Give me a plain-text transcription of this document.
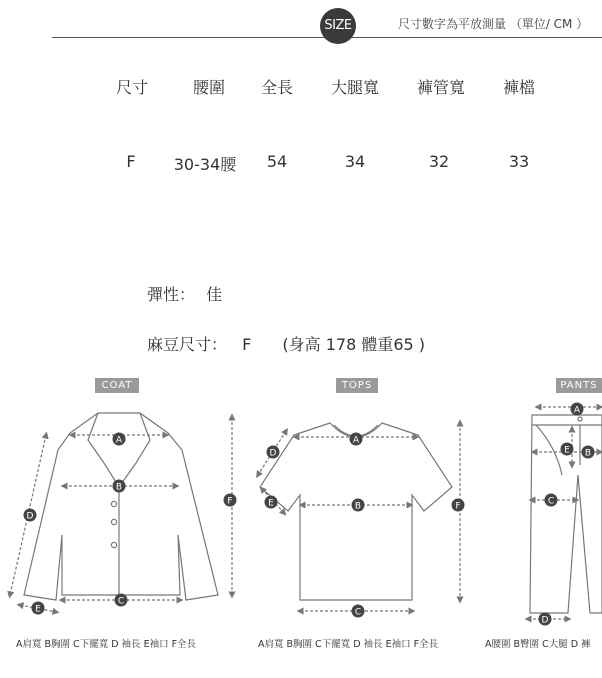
SIZE	尺寸數字為平放測量 （單位/ CM ）
尺寸	腰圍 全長 大腿寬 褲管寬 褲檔
F 30-34腰 54	34	32	33
彈性： 佳
麻豆尺寸： F (身高 178 體重65 )
COAT	TOPS	PANTS
A
B
C
D
E
F
A
B
C
D
E	F
A
B
C
D
E
A肩寬 B胸圍 C下擺寬 D 袖長 E袖口 F全長	A肩寬 B胸圍 C下擺寬 D 袖長 E袖口 F全長	A腰圍 B臀圍 C大腿 D 褲
